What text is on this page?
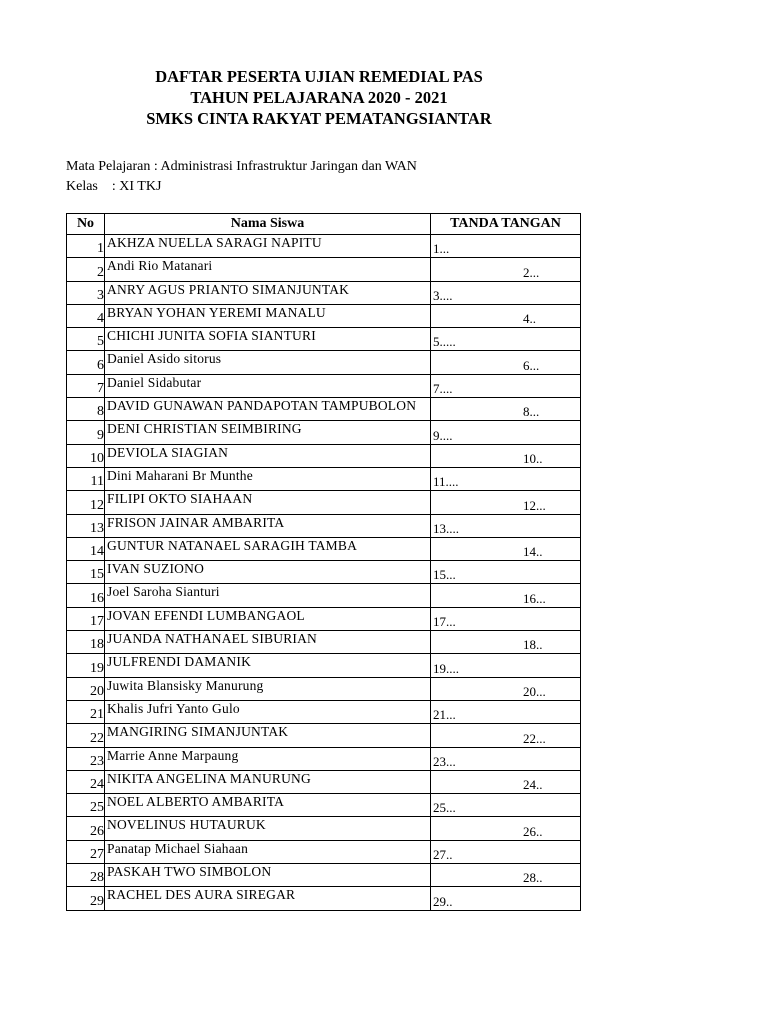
DAFTAR PESERTA UJIAN REMEDIAL PAS
TAHUN PELAJARANA 2020 - 2021
SMKS CINTA RAKYAT PEMATANGSIANTAR
Mata Pelajaran : Administrasi Infrastruktur Jaringan dan WAN
Kelas    : XI TKJ
No	Nama Siswa	TANDA TANGAN
1	AKHZA NUELLA SARAGI NAPITU	1...

2	Andi Rio Matanari	2...

3	ANRY AGUS PRIANTO SIMANJUNTAK	3....

4	BRYAN YOHAN YEREMI MANALU	4..

5	CHICHI JUNITA SOFIA SIANTURI	5.....

6	Daniel Asido sitorus	6...

7	Daniel Sidabutar	7....

8	DAVID GUNAWAN PANDAPOTAN TAMPUBOLON	8...

9	DENI CHRISTIAN SEIMBIRING	9....

10	DEVIOLA SIAGIAN	10..

11	Dini Maharani Br Munthe	11....

12	FILIPI OKTO SIAHAAN	12...

13	FRISON JAINAR AMBARITA	13....

14	GUNTUR NATANAEL SARAGIH TAMBA	14..

15	IVAN SUZIONO	15...

16	Joel Saroha Sianturi	16...

17	JOVAN EFENDI LUMBANGAOL	17...

18	JUANDA NATHANAEL SIBURIAN	18..

19	JULFRENDI DAMANIK	19....

20	Juwita Blansisky Manurung	20...

21	Khalis Jufri Yanto Gulo	21...

22	MANGIRING SIMANJUNTAK	22...

23	Marrie Anne Marpaung	23...

24	NIKITA ANGELINA MANURUNG	24..

25	NOEL ALBERTO AMBARITA	25...

26	NOVELINUS HUTAURUK	26..

27	Panatap Michael Siahaan	27..

28	PASKAH TWO SIMBOLON	28..

29	RACHEL DES AURA SIREGAR	29..
